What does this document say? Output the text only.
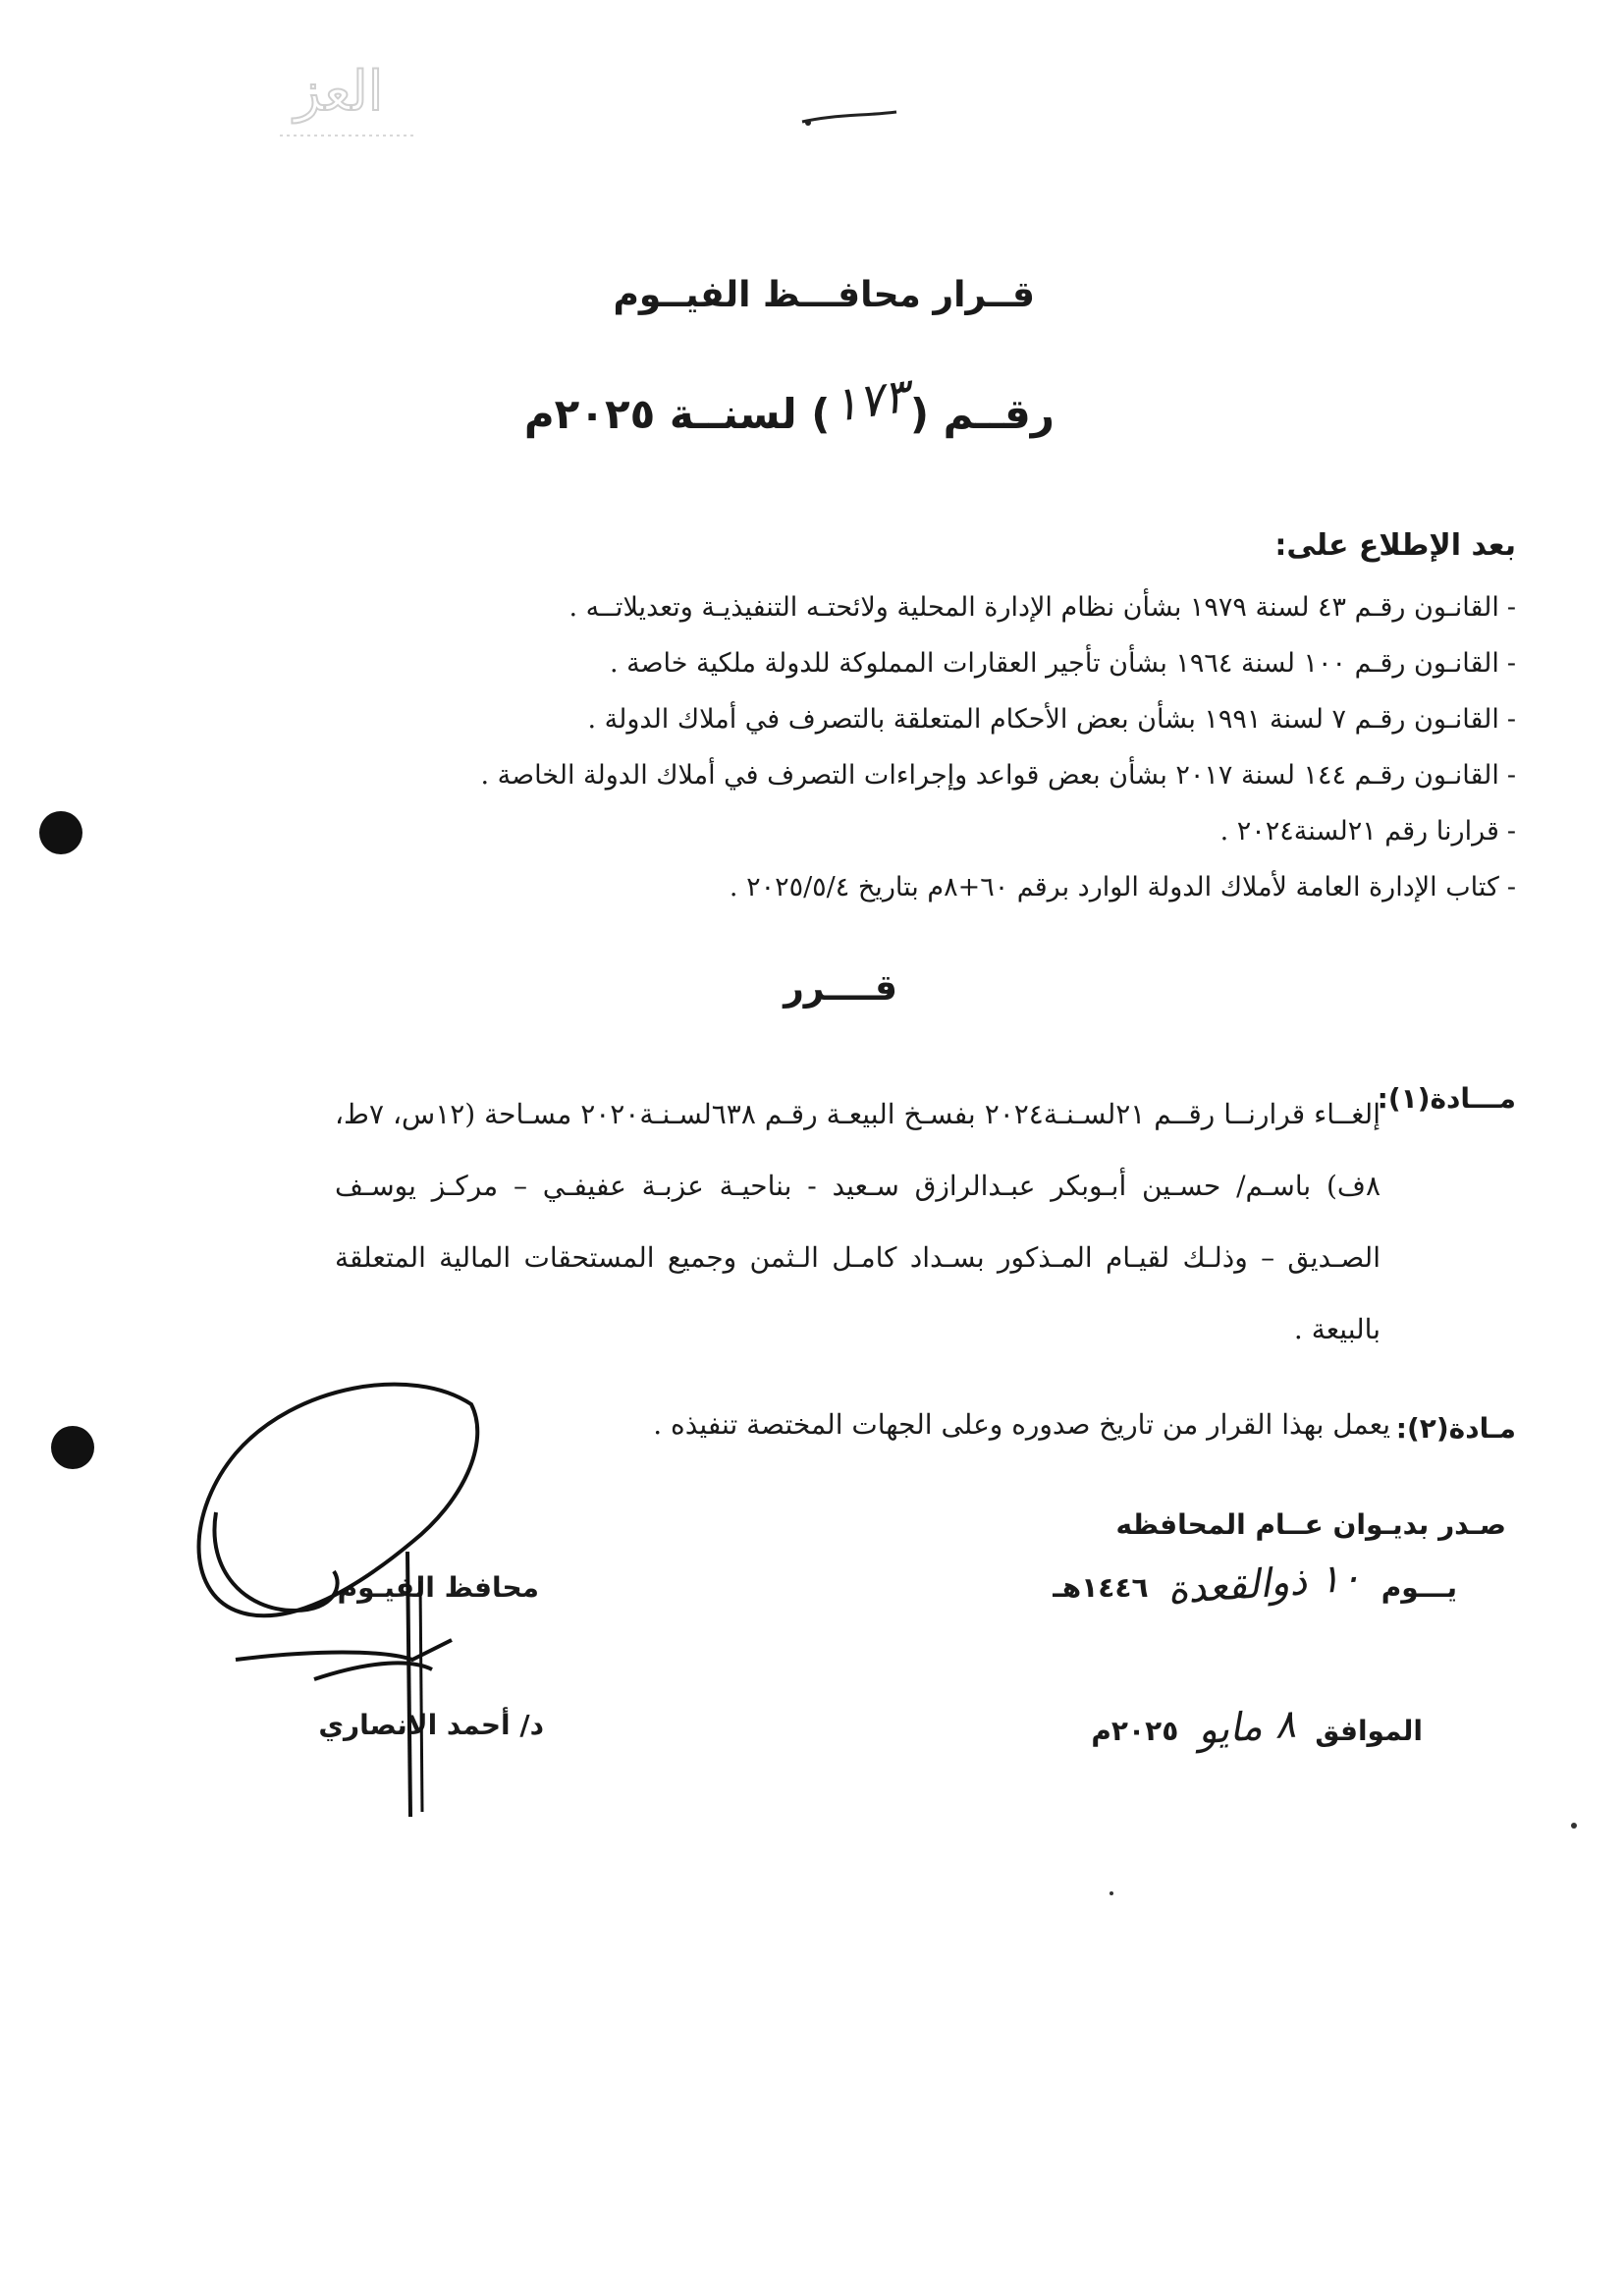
العز
قــرار محافـــظ الفيــوم
رقــم (١٧٣) لسنــة ٢٠٢٥م
بعد الإطلاع على:
-القانـون رقـم ٤٣ لسنة ١٩٧٩ بشأن نظام الإدارة المحلية ولائحتـه التنفيذيـة وتعديلاتــه .
-القانـون رقـم ١٠٠ لسنة ١٩٦٤ بشأن تأجير العقارات المملوكة للدولة ملكية خاصة .
-القانـون رقـم ٧ لسنة ١٩٩١ بشأن بعض الأحكام المتعلقة بالتصرف في أملاك الدولة .
-القانـون رقـم ١٤٤ لسنة ٢٠١٧ بشأن بعض قواعد وإجراءات التصرف في أملاك الدولة الخاصة .
-قرارنا رقم ٢١لسنة٢٠٢٤ .
-كتاب الإدارة العامة لأملاك الدولة الوارد برقم ٦٠+٨م بتاريخ ٢٠٢٥/٥/٤ .
قــــرر
مـــادة(١):
إلغــاء قرارنــا رقــم ٢١لسـنـة٢٠٢٤ بفسـخ البيعـة رقـم ٦٣٨لسـنـة٢٠٢٠ مسـاحة (١٢س، ٧ط، ٨ف) باسـم/ حسـين أبـوبكر عبـدالرازق سـعيد - بناحيـة عزبـة عفيفـي – مركـز يوسـف الصـديق – وذلـك لقيـام المـذكور بسـداد كامـل الـثمن وجميع المستحقات المالية المتعلقة بالبيعة .
مـادة(٢):
يعمل بهذا القرار من تاريخ صدوره وعلى الجهات المختصة تنفيذه .
صـدر بديـوان عــام المحافظه
يـــوم ١٠ ذوالقعدة ١٤٤٦هـ
الموافق ٨ مايو ٢٠٢٥م
محافظ الفيـوم
د/ أحمد الانصاري
